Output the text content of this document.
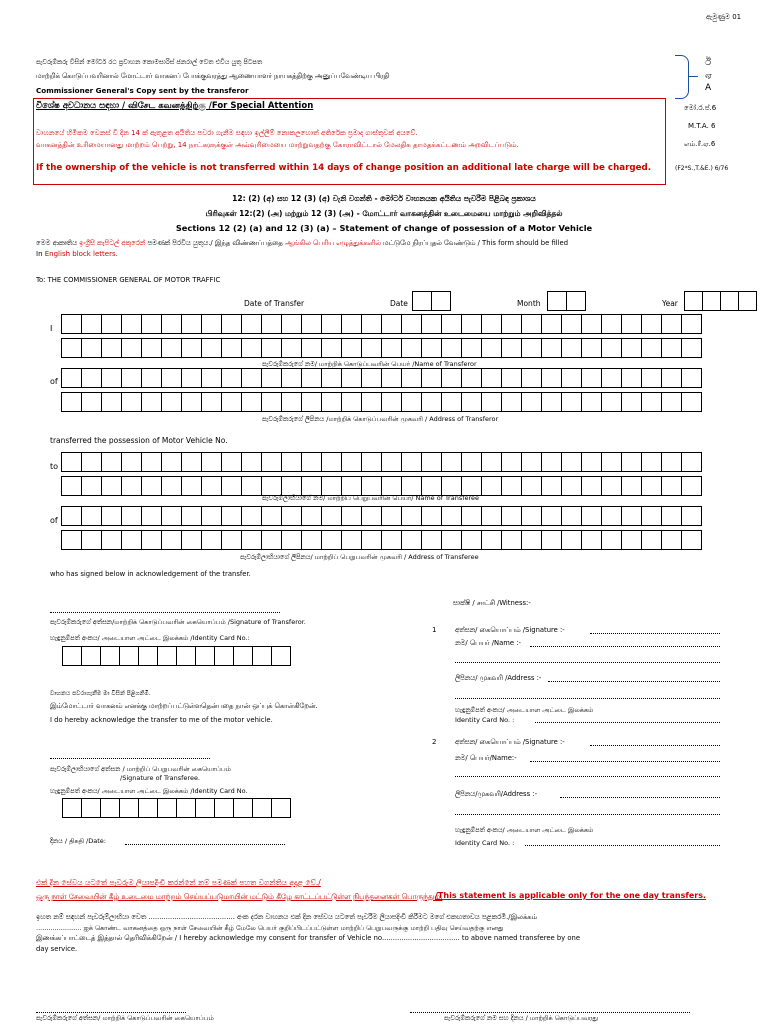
ඇමුණුම 01
පැවරුම්කරු විසින් මෝටර් රථ ප්‍රවාහන කොමසාරිස් ජනරාල් වෙත එවිය යුතු පිටපත
மாற்றிக் கொடுப்பவரினால் மோட்டார் வாகனப் போக்குவரத்து ஆணையாளர் நாயகத்திற்கு அனுப்பவேண்டிய பிரதி
Commissioner General's Copy sent by the transferor
ඊ
ஏ
A
විශේෂ අවධානය සඳහා / விசேட கவனத்திற்கு /For Special Attention
වාහනයේ හිමිකම වෙනස් වී දින 14 ක් ඇතුළත අයිතිය පවරා ගැනීම සඳහා ඉල්ලීම් නොකලහොත් අතිරේක ප්‍රමාද ගාස්තුවක් අයවේ.
வாகனத்தின் உரிமையானது மாற்றம் பெற்று, 14 நாட்களுக்குள் அவ்வுரிமையை மாற்றுவதற்கு கோராவிட்டால் மேலதிக தாமதக்கட்டணம் அறவிடப்படும்.
If the ownership of the vehicle is not transferred within 14 days of change position an additional late charge will be charged.
මෝ.ර.ප්.6
M.T.A. 6
எம்.ரீ.ஏ.6
(F2*S.,T.&E.) 6/76
12: (2) (අ) සහ 12 (3) (අ) වැනි වගන්ති - මෝටර් වාහනයක අයිතිය පැවරීම පිළිබඳ ප්‍රකාශය
பிரிவுகள் 12:(2) (அ) மற்றும் 12 (3) (அ) - மோட்டார் வாகனத்தின் உடைமையை மாற்றும் அறிவித்தல்
Sections 12 (2) (a) and 12 (3) (a) – Statement of change of possession of a Motor Vehicle
මෙම ආකෘතිය ඉංග්‍රීසි කැපිටල් අකුරෙන් පමණක් පිරවිය යුතුය./ இந்த விண்ணப்பத்தை ஆங்கில பெரிய எழுத்துக்களில் மட்டுமே நிரப்புதல் வேண்டும் / This form should be filled
In English block letters.
To: THE COMMISSIONER GENERAL OF MOTOR TRAFFIC
Date of Transfer	Date	Month	Year
I
පැවරුම්කරුගේ නම/ மாற்றிக் கொடுப்பவரின் பெயர் /Name of Transferor
of
පැවරුම්කරුගේ ලිපිනය /மாற்றிக் கொடுப்பவரின் முகவரி / Address of Transferor
transferred the possession of Motor Vehicle No.
to
පැවරුම්ලාභියාගේ නම/ மாற்றிப் பெறுபவரின் பெயர்/ Name of Transferee
of
පැවරුම්ලාභියාගේ ලිපිනය/ மாற்றிப் பெறுபவரின் முகவரி / Address of Transferee
who has signed below in acknowledgement of the transfer.
පැවරුම්කරුගේ අත්සන/மாற்றிக் கொடுப்பவரின் கையொப்பம் /Signature of Transferor.
හැඳුනුම්පත් අංකය/ அடையாள அட்டை இலக்கம் /Identity Card No.:
වාහනය පවරාගැනීම මා විසින් පිළිගනිමි.
இம்மோட்டார் வாகனம் எனக்கு மாற்றப்பட்டுள்ளதென்பதை நான் ஒப்புக் கொள்கிறேன்.
I do hereby acknowledge the transfer to me of the motor vehicle.
පැවරුම්ලාභියාගේ අත්සන / மாற்றிப் பெறுபவரின் கையொப்பம்
/Signature of Transferee.
හැඳුනුම්පත් අංකය/ அடையாள அட்டை இலக்கம் /Identity Card No.
දිනය / திகதி /Date:
සාක්ෂි / சாட்சி /Witness:-
1	අත්සන/ கையொப்பம் /Signature :-
නම/ பெயர் /Name :-
ලිපිනය/ முகவரி /Address :-
හැඳුනුම්පත් අංකය/ அடையாள அட்டை இலக்கம்
Identity Card No. :
2	අත්සන/ கையொப்பம் /Signature :-
නම/ பெயர்/Name:-
ලිපිනය/முகவரி/Address :-
හැඳුනුම්පත් අංකය/ அடையாள அட்டை இலக்கம்
Identity Card No. :
එක් දින සේවය යටතේ පැවරුම ලියාපදිංචි කරන්නේ නම් පමණක් පහත වගන්තිය අදාළ වේ./
ஒரு நாள் சேவையின் கீழ் உடைமை மாற்றம் செய்யப்படுமாயின் மட்டும் கீழே காட்டப்பட்டுள்ள நிபந்தனைகள் பொருந்தும்.
/This statement is applicable only for the one day transfers.
ඉහත නම් සඳහන් පැවරුම්ලාභියා වෙත ........................................ අංක දරන වාහනය එක් දින සේවය යටතේ පැවරීම ලියාපදිංචි කිරීමට මගේ එකඟතාවය පළකරමි./இலக்கம்
...................... ஐக் கொண்ட வாகனத்தை ஒரு நாள் சேவையின் கீழ் மேலே பெயர் குறிப்பிடப்பட்டுள்ள மாற்றிப் பெறுபவருக்கு மாற்றி பதிவு செய்வதற்கு எனது
இணக்கப்பாட்டைத் இத்தால் தெரிவிக்கிறேன் / I hereby acknowledge my consent for transfer of Vehicle no.................................... to above named transferee by one
day service.
පැවරුම්කරුගේ අත්සන/ மாற்றிக் கொடுப்பவரின் கையொப்பம்	පැවරුම්කරුගේ නම සහ දිනය / மாற்றிக் கொடுப்பவரது
